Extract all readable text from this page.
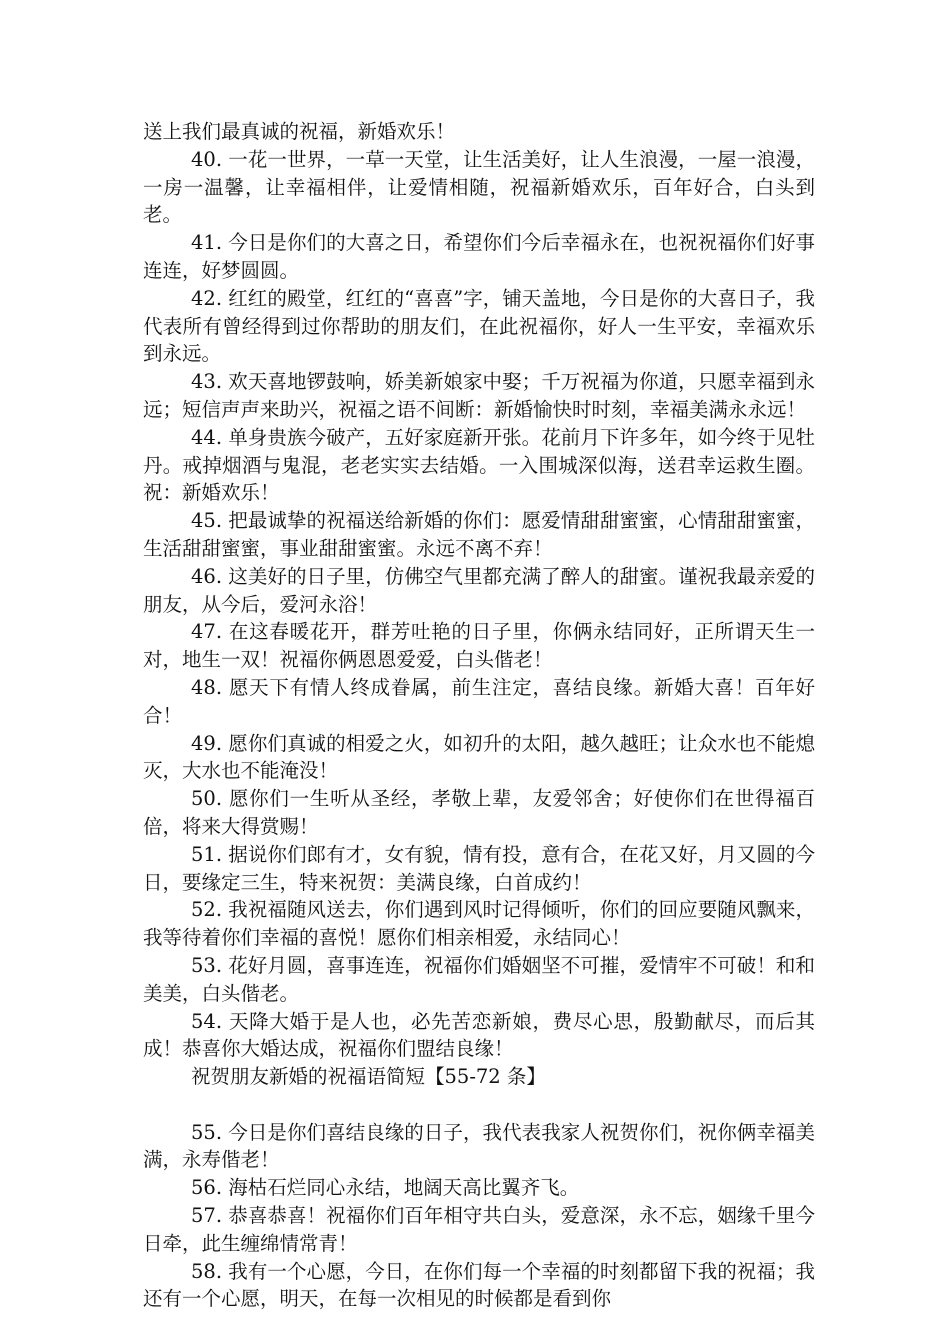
送上我们最真诚的祝福，新婚欢乐！

40. 一花一世界，一草一天堂，让生活美好，让人生浪漫，一屋一浪漫，一房一温馨，让幸福相伴，让爱情相随，祝福新婚欢乐，百年好合，白头到老。

41. 今日是你们的大喜之日，希望你们今后幸福永在，也祝祝福你们好事连连，好梦圆圆。

42. 红红的殿堂，红红的“喜喜”字，铺天盖地，今日是你的大喜日子，我代表所有曾经得到过你帮助的朋友们，在此祝福你，好人一生平安，幸福欢乐到永远。

43. 欢天喜地锣鼓响，娇美新娘家中娶；千万祝福为你道，只愿幸福到永远；短信声声来助兴，祝福之语不间断：新婚愉快时时刻，幸福美满永永远！

44. 单身贵族今破产，五好家庭新开张。花前月下许多年，如今终于见牡丹。戒掉烟酒与鬼混，老老实实去结婚。一入围城深似海，送君幸运救生圈。祝：新婚欢乐！

45. 把最诚挚的祝福送给新婚的你们：愿爱情甜甜蜜蜜，心情甜甜蜜蜜，生活甜甜蜜蜜，事业甜甜蜜蜜。永远不离不弃！

46. 这美好的日子里，仿佛空气里都充满了醉人的甜蜜。谨祝我最亲爱的朋友，从今后，爱河永浴！

47. 在这春暖花开，群芳吐艳的日子里，你俩永结同好，正所谓天生一对，地生一双！祝福你俩恩恩爱爱，白头偕老！

48. 愿天下有情人终成眷属，前生注定，喜结良缘。新婚大喜！百年好合！

49. 愿你们真诚的相爱之火，如初升的太阳，越久越旺；让众水也不能熄灭，大水也不能淹没！

50. 愿你们一生听从圣经，孝敬上辈，友爱邻舍；好使你们在世得福百倍，将来大得赏赐！

51. 据说你们郎有才，女有貌，情有投，意有合，在花又好，月又圆的今日，要缘定三生，特来祝贺：美满良缘，白首成约！

52. 我祝福随风送去，你们遇到风时记得倾听，你们的回应要随风飘来，我等待着你们幸福的喜悦！愿你们相亲相爱，永结同心！

53. 花好月圆，喜事连连，祝福你们婚姻坚不可摧，爱情牢不可破！和和美美，白头偕老。

54. 天降大婚于是人也，必先苦恋新娘，费尽心思，殷勤献尽，而后其成！恭喜你大婚达成，祝福你们盟结良缘！

祝贺朋友新婚的祝福语简短【55-72 条】

55. 今日是你们喜结良缘的日子，我代表我家人祝贺你们，祝你俩幸福美满，永寿偕老！

56. 海枯石烂同心永结，地阔天高比翼齐飞。

57. 恭喜恭喜！祝福你们百年相守共白头，爱意深，永不忘，姻缘千里今日牵，此生缠绵情常青！

58. 我有一个心愿，今日，在你们每一个幸福的时刻都留下我的祝福；我还有一个心愿，明天，在每一次相见的时候都是看到你
